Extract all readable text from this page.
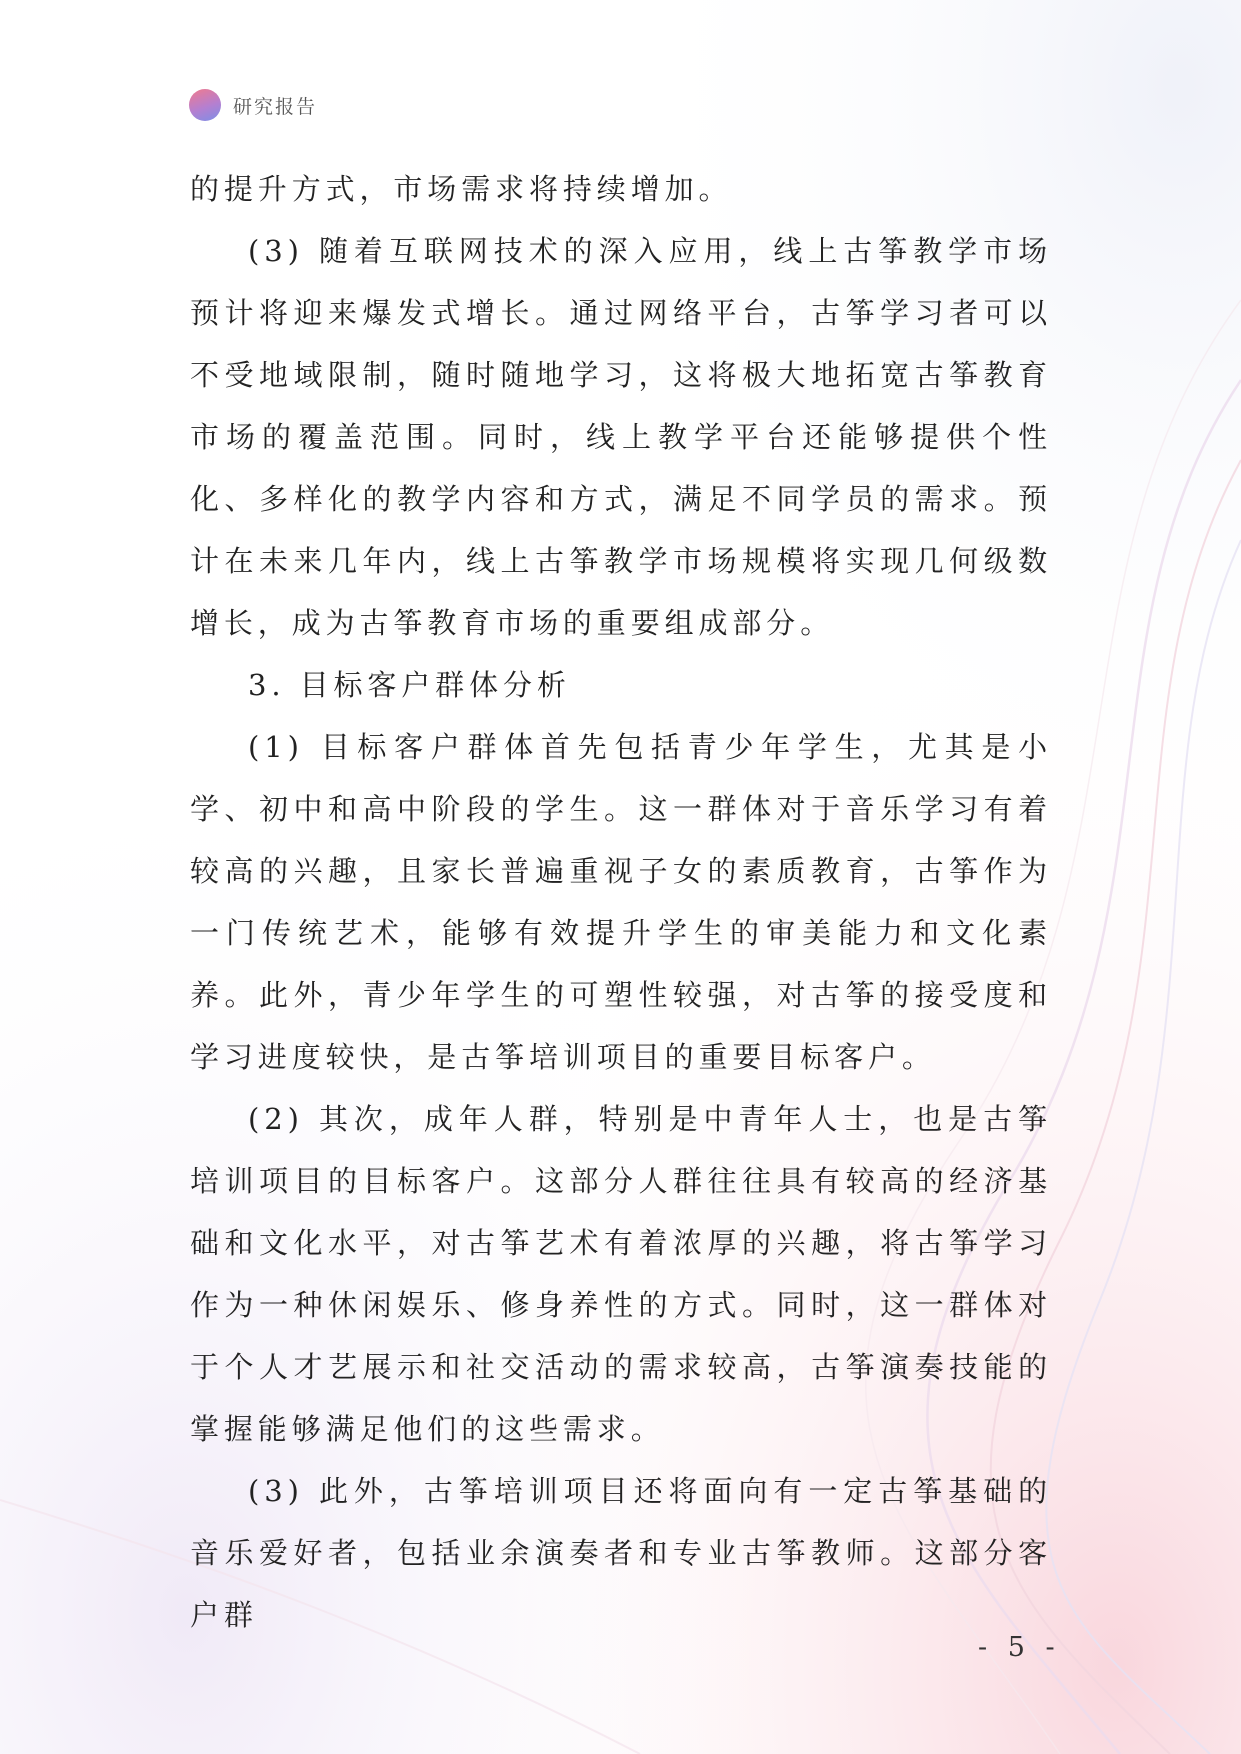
研究报告

的提升方式，市场需求将持续增加。

(3) 随着互联网技术的深入应用，线上古筝教学市场预计将迎来爆发式增长。通过网络平台，古筝学习者可以不受地域限制，随时随地学习，这将极大地拓宽古筝教育市场的覆盖范围。同时，线上教学平台还能够提供个性化、多样化的教学内容和方式，满足不同学员的需求。预计在未来几年内，线上古筝教学市场规模将实现几何级数增长，成为古筝教育市场的重要组成部分。

3. 目标客户群体分析

(1) 目标客户群体首先包括青少年学生，尤其是小学、初中和高中阶段的学生。这一群体对于音乐学习有着较高的兴趣，且家长普遍重视子女的素质教育，古筝作为一门传统艺术，能够有效提升学生的审美能力和文化素养。此外，青少年学生的可塑性较强，对古筝的接受度和学习进度较快，是古筝培训项目的重要目标客户。

(2) 其次，成年人群，特别是中青年人士，也是古筝培训项目的目标客户。这部分人群往往具有较高的经济基础和文化水平，对古筝艺术有着浓厚的兴趣，将古筝学习作为一种休闲娱乐、修身养性的方式。同时，这一群体对于个人才艺展示和社交活动的需求较高，古筝演奏技能的掌握能够满足他们的这些需求。

(3) 此外，古筝培训项目还将面向有一定古筝基础的音乐爱好者，包括业余演奏者和专业古筝教师。这部分客户群

- 5 -
